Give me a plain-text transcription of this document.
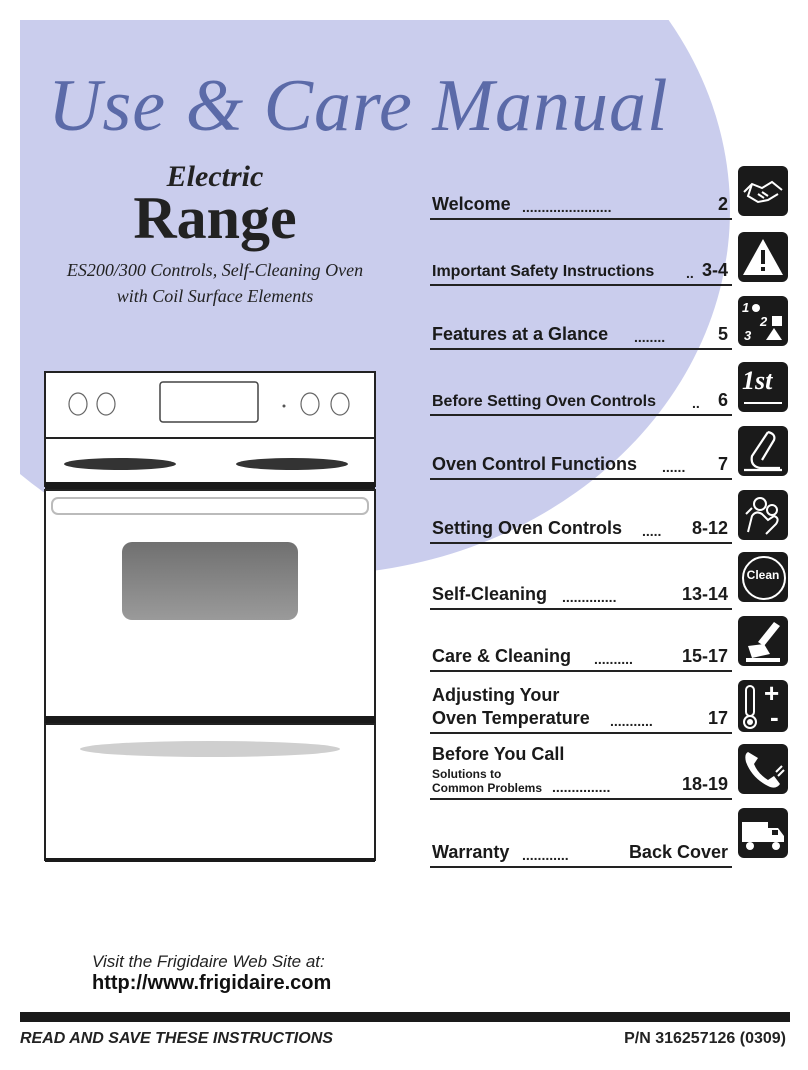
Use & Care Manual
Electric
Range
ES200/300 Controls, Self-Cleaning Oven
with Coil Surface Elements
Welcome .......................	2
Important Safety Instructions .. 3-4
Features at a Glance ........	5
1
2
3
Before Setting Oven Controls	.. 6
1st
Oven Control Functions ...... 7
Setting Oven Controls ..... 8-12
Self-Cleaning ..............	13-14
Clean
Care & Cleaning ..........	15-17
Adjusting Your
Oven Temperature ...........	17
+
-
Before You Call
Solutions to
Common Problems ...............	18-19
Warranty ............	Back Cover
Visit the Frigidaire Web Site at:
http://www.frigidaire.com
READ AND SAVE THESE INSTRUCTIONS	P/N 316257126 (0309)
